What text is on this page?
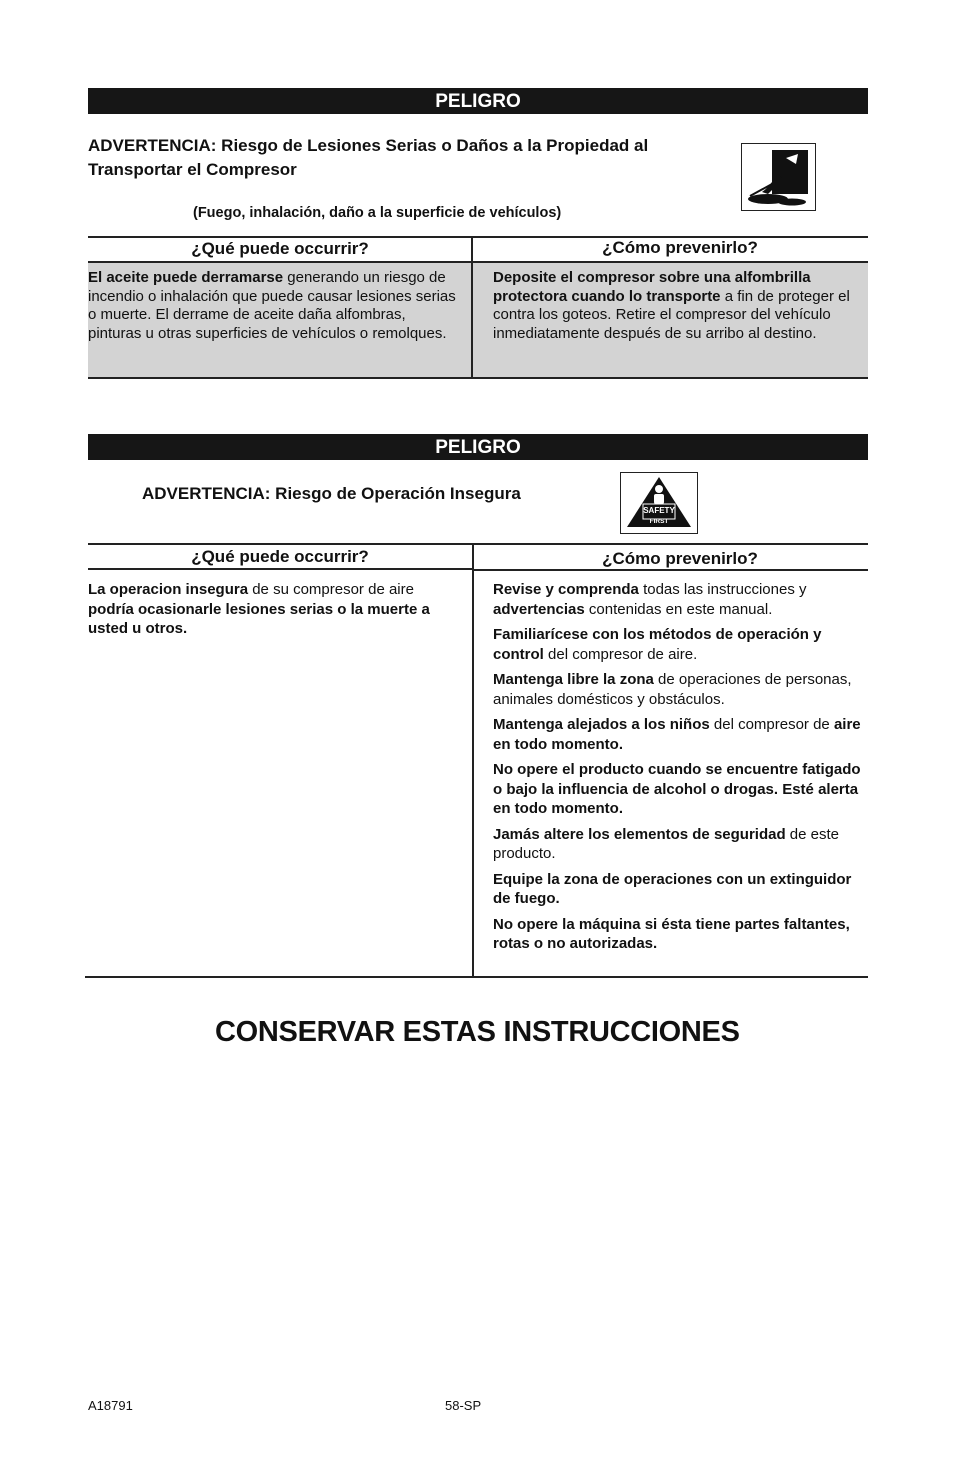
PELIGRO
ADVERTENCIA: Riesgo de Lesiones Serias o Daños a la Propiedad al
Transportar el Compresor
(Fuego, inhalación, daño a la superficie de vehículos)
¿Qué puede occurrir?	¿Cómo prevenirlo?
El aceite puede derramarse generando un riesgo de incendio o inhalación que puede causar lesiones serias o muerte. El derrame de aceite daña alfombras, pinturas u otras superficies de vehículos o remolques.
Deposite el compresor sobre una alfombrilla protectora cuando lo transporte a fin de proteger el contra los goteos. Retire el compresor del vehículo inmediatamente después de su arribo al destino.
PELIGRO
ADVERTENCIA: Riesgo de Operación Insegura
SAFETY
FIRST
¿Qué puede occurrir?	¿Cómo prevenirlo?

La operacion insegura de su compresor de aire podría ocasionarle lesiones serias o la muerte a usted u otros.

Revise y comprenda todas las instrucciones y advertencias contenidas en este manual.

Familiarícese con los métodos de operación y control del compresor de aire.

Mantenga libre la zona de operaciones de personas, animales domésticos y obstáculos.

Mantenga alejados a los niños del compresor de aire en todo momento.

No opere el producto cuando se encuentre fatigado o bajo la influencia de alcohol o drogas. Esté alerta en todo momento.

Jamás altere los elementos de seguridad de este producto.

Equipe la zona de operaciones con un extinguidor de fuego.

No opere la máquina si ésta tiene partes faltantes, rotas o no autorizadas.

CONSERVAR ESTAS INSTRUCCIONES
A18791	58-SP
